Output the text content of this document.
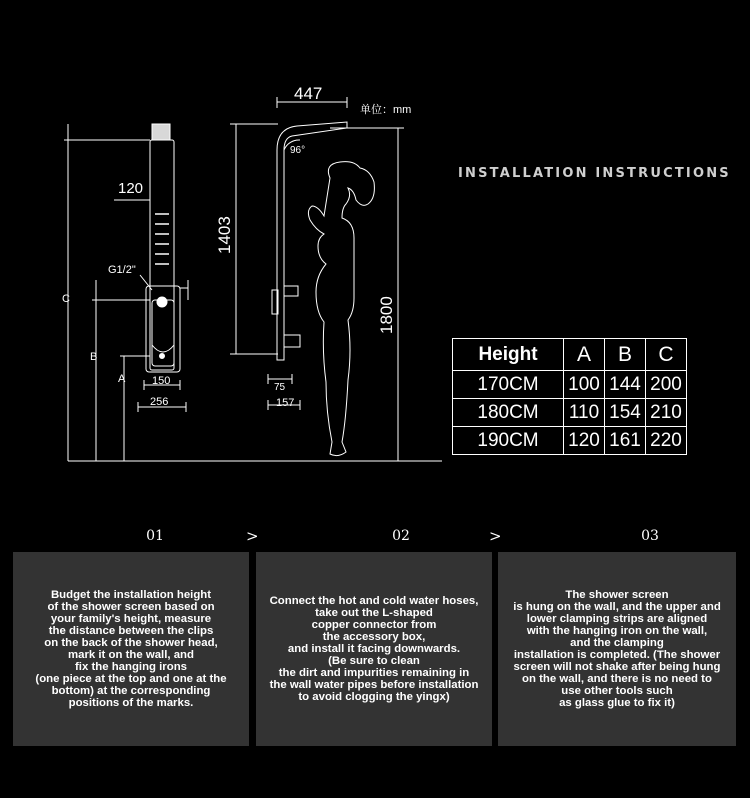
120
G1/2"
150
256
C
B
A
447
单位：mm
96°
1403
1800
75
157
INSTALLATION INSTRUCTIONS
Height	A	B	C
170CM	100	144	200
180CM	110	154	210
190CM	120	161	220
01	>	02	>	03

Budget the installation height
of the shower screen based on
your family's height, measure
the distance between the clips
on the back of the shower head,
mark it on the wall, and
fix the hanging irons
(one piece at the top and one at the
bottom) at the corresponding
positions of the marks.

Connect the hot and cold water hoses,
take out the L-shaped
copper connector from
the accessory box,
and install it facing downwards.
(Be sure to clean
the dirt and impurities remaining in
the wall water pipes before installation
to avoid clogging the yingx)

The shower screen
is hung on the wall, and the upper and
lower clamping strips are aligned
with the hanging iron on the wall,
and the clamping
installation is completed. (The shower
screen will not shake after being hung
on the wall, and there is no need to
use other tools such
as glass glue to fix it)
